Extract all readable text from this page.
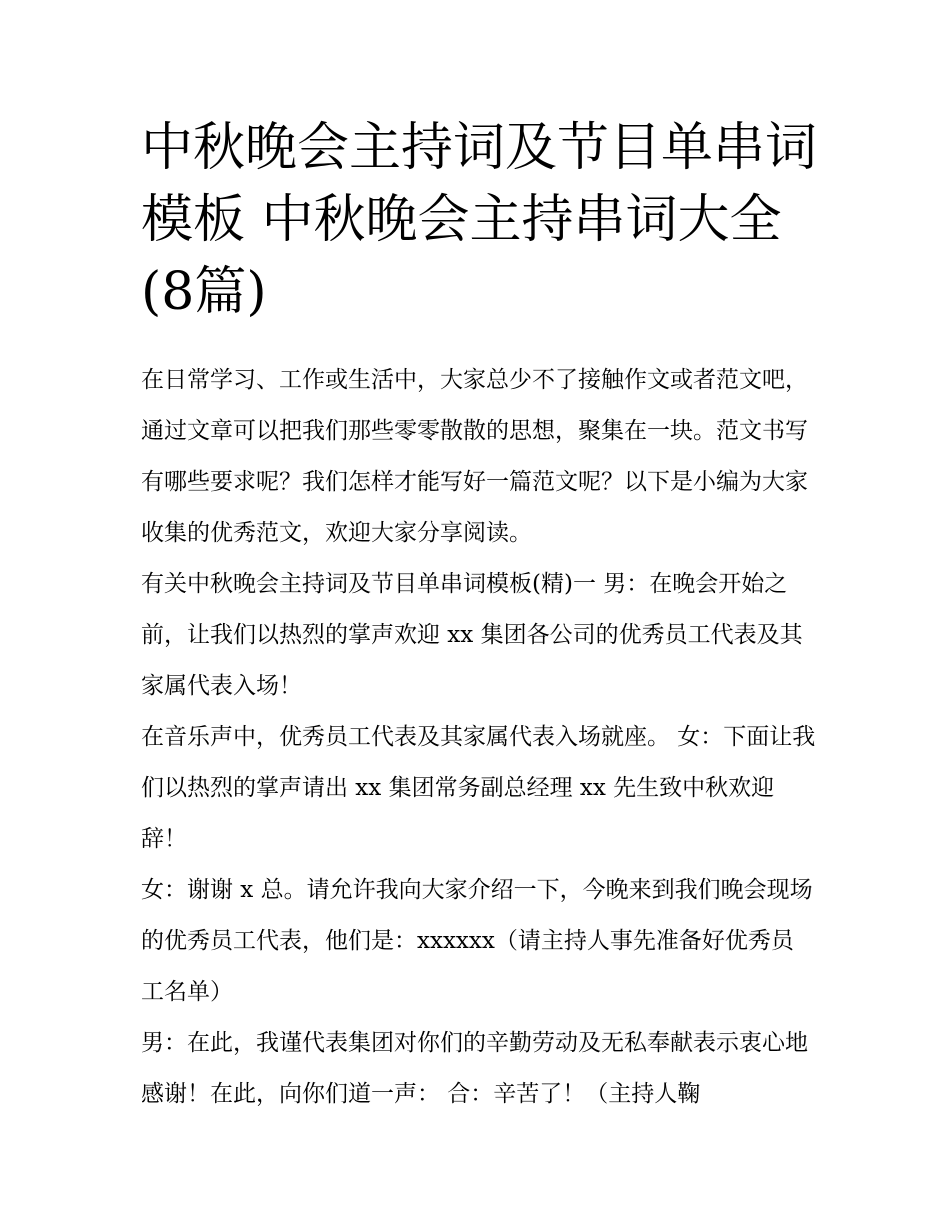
中秋晚会主持词及节目单串词模板 中秋晚会主持串词大全(8篇)

在日常学习、工作或生活中，大家总少不了接触作文或者范文吧，通过文章可以把我们那些零零散散的思想，聚集在一块。范文书写有哪些要求呢？我们怎样才能写好一篇范文呢？以下是小编为大家收集的优秀范文，欢迎大家分享阅读。

有关中秋晚会主持词及节目单串词模板(精)一 男：在晚会开始之前，让我们以热烈的掌声欢迎 xx 集团各公司的优秀员工代表及其家属代表入场！

在音乐声中，优秀员工代表及其家属代表入场就座。 女：下面让我们以热烈的掌声请出 xx 集团常务副总经理 xx 先生致中秋欢迎辞！

女：谢谢 x 总。请允许我向大家介绍一下，今晚来到我们晚会现场的优秀员工代表，他们是：xxxxxx（请主持人事先准备好优秀员工名单）

男：在此，我谨代表集团对你们的辛勤劳动及无私奉献表示衷心地感谢！在此，向你们道一声： 合：辛苦了！（主持人鞠
